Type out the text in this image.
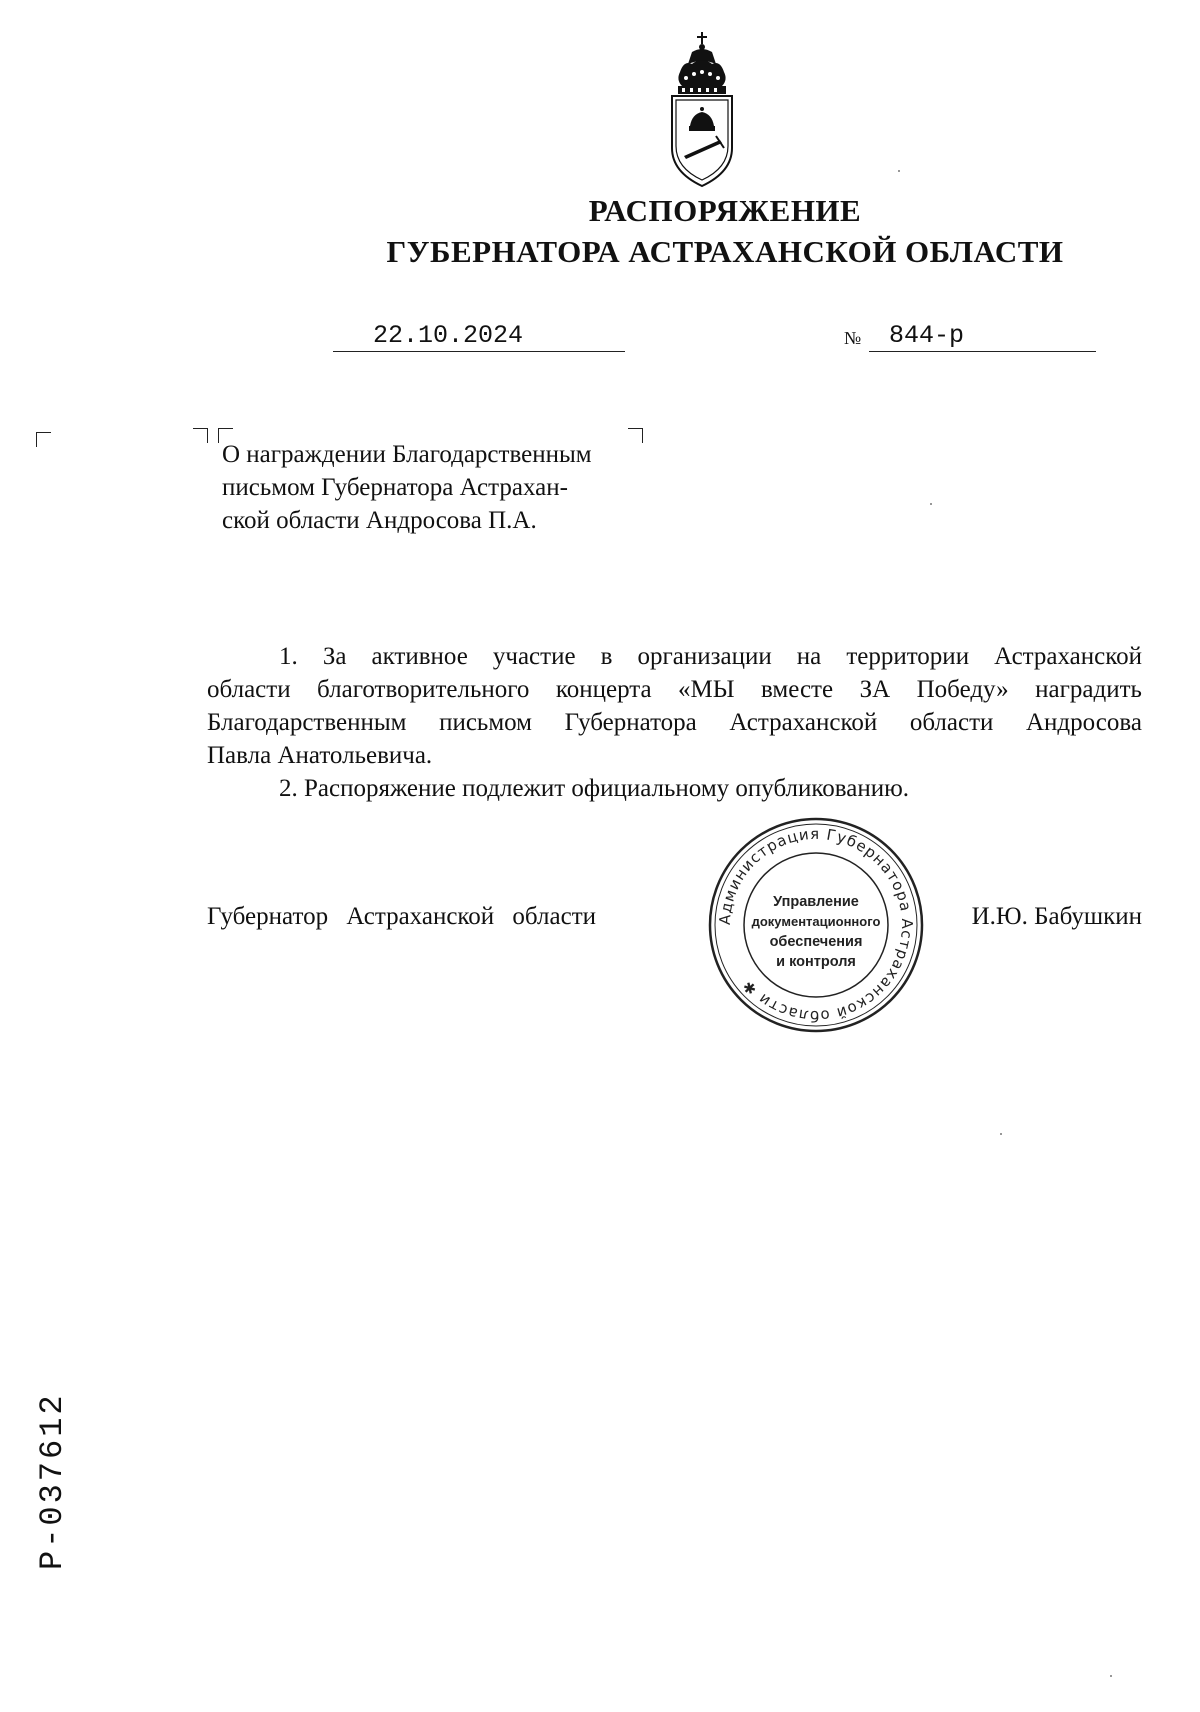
РАСПОРЯЖЕНИЕ
ГУБЕРНАТОРА АСТРАХАНСКОЙ ОБЛАСТИ
22.10.2024	№	844-р
О награждении Благодарственным
письмом Губернатора Астрахан-
ской области Андросова П.А.
1. За активное участие в организации на территории Астраханской
области благотворительного концерта «МЫ вместе ЗА Победу» наградить
Благодарственным письмом Губернатора Астраханской области Андросова
Павла Анатольевича.
2. Распоряжение подлежит официальному опубликованию.
Губернатор Астраханской области	Администрация Губернатора Астраханской области ✱
Управление
документационного
обеспечения
и контроля
И.Ю. Бабушкин
Р-037612
